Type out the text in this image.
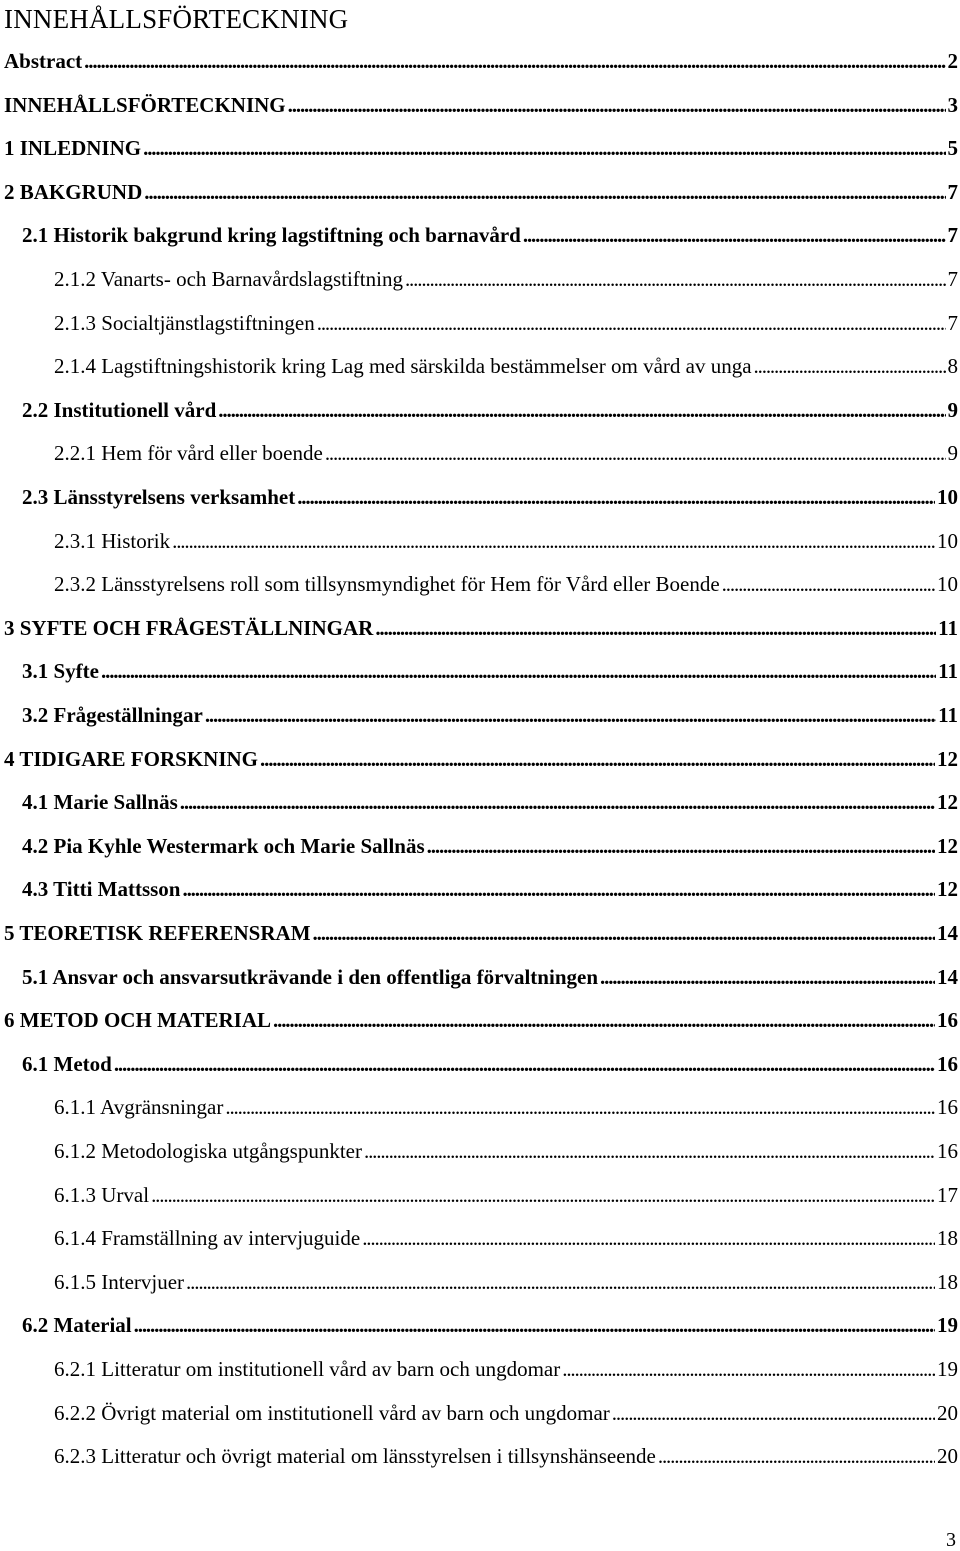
INNEHÅLLSFÖRTECKNING
Abstract . . .	2
INNEHÅLLSFÖRTECKNING . . .	3
1 INLEDNING . . .	5
2 BAKGRUND . . .	7
2.1 Historik bakgrund kring lagstiftning och barnavård . . .	7
2.1.2 Vanarts- och Barnavårdslagstiftning . . .	7
2.1.3 Socialtjänstlagstiftningen . . .	7
2.1.4 Lagstiftningshistorik kring Lag med särskilda bestämmelser om vård av unga . . .	8
2.2 Institutionell vård . . .	9
2.2.1 Hem för vård eller boende . . .	9
2.3 Länsstyrelsens verksamhet . . .	10
2.3.1 Historik . . .	10
2.3.2 Länsstyrelsens roll som tillsynsmyndighet för Hem för Vård eller Boende . . .	10
3 SYFTE OCH FRÅGESTÄLLNINGAR . . .	11
3.1 Syfte . . .	11
3.2 Frågeställningar . . .	11
4 TIDIGARE FORSKNING . . .	12
4.1 Marie Sallnäs . . .	12
4.2 Pia Kyhle Westermark och Marie Sallnäs . . .	12
4.3 Titti Mattsson . . .	12
5 TEORETISK REFERENSRAM . . .	14
5.1 Ansvar och ansvarsutkrävande i den offentliga förvaltningen . . .	14
6 METOD OCH MATERIAL . . .	16
6.1 Metod . . .	16
6.1.1 Avgränsningar . . .	16
6.1.2 Metodologiska utgångspunkter . . .	16
6.1.3 Urval . . .	17
6.1.4 Framställning av intervjuguide . . .	18
6.1.5 Intervjuer . . .	18
6.2 Material . . .	19
6.2.1 Litteratur om institutionell vård av barn och ungdomar . . .	19
6.2.2 Övrigt material om institutionell vård av barn och ungdomar . . .	20
6.2.3 Litteratur och övrigt material om länsstyrelsen i tillsynshänseende . . .	20
3
